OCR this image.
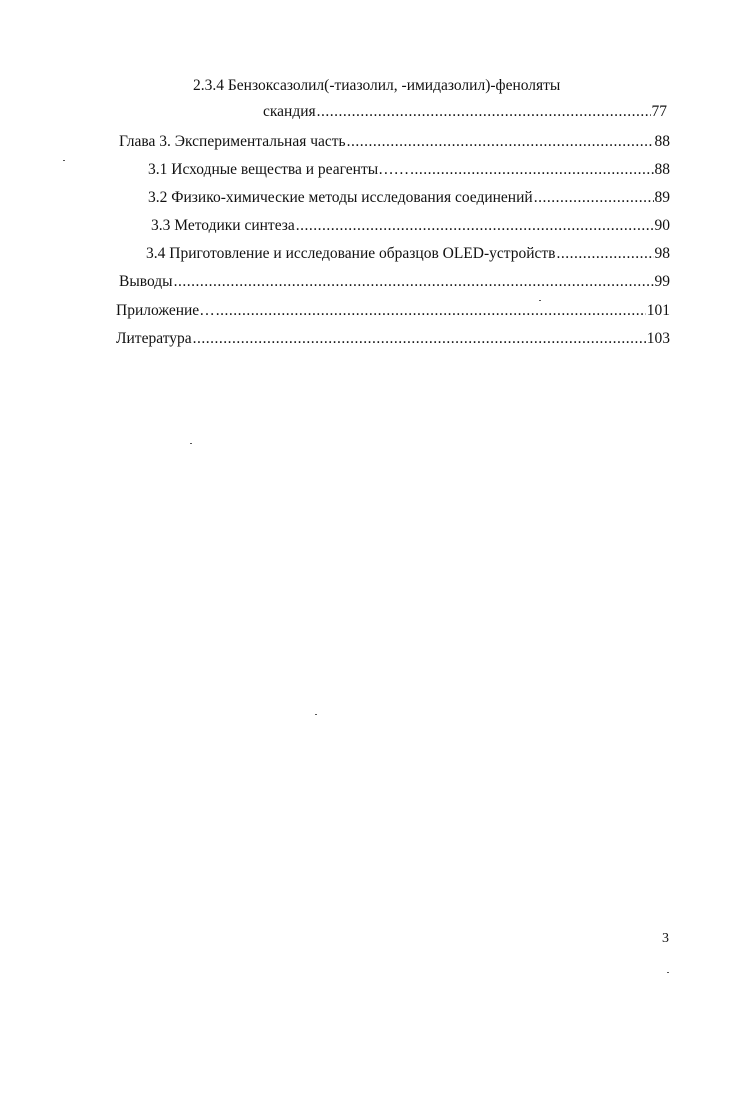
2.3.4 Бензоксазолил(-тиазолил, -имидазолил)-феноляты
скандия .....	77
Глава 3. Экспериментальная часть .....	88
3.1 Исходные вещества и реагенты…… .....	88
3.2 Физико-химические методы исследования соединений .....	89
3.3 Методики синтеза .....	90
3.4 Приготовление и исследование образцов OLED-устройств .....	98
Выводы .....	99
Приложение… .....	101
Литература .....	103
3
